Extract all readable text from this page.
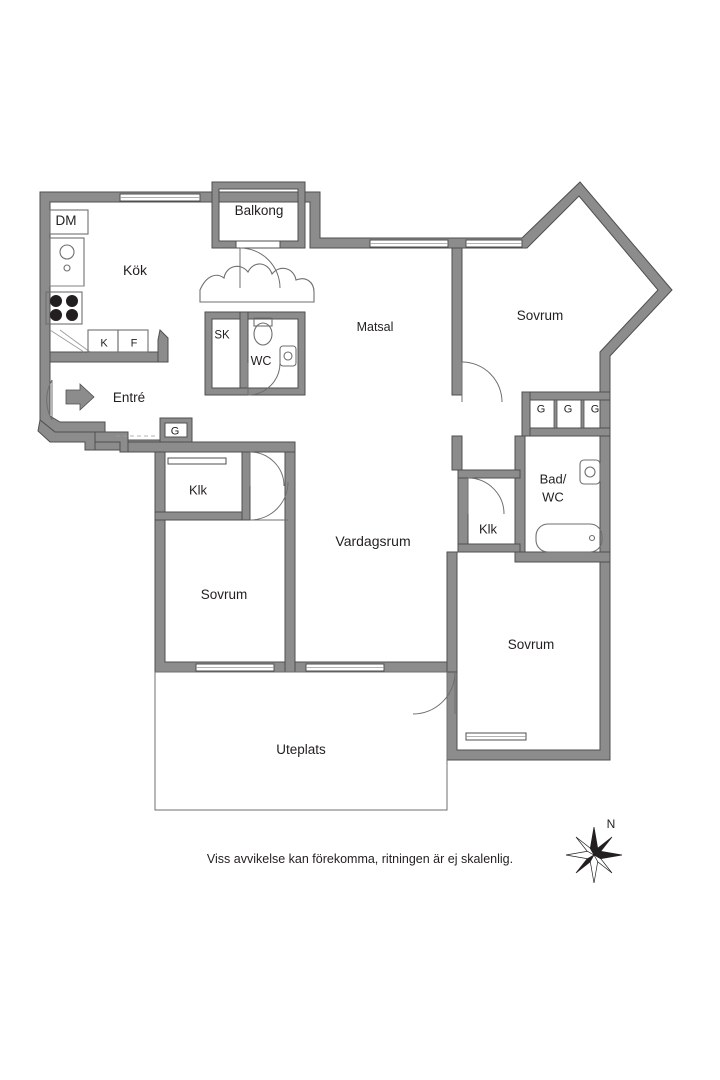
N
DM
Kök
K F
Balkong
SK
WC
Matsal
Sovrum
Entré
G
G G G
Bad/
WC
Klk
Klk
Vardagsrum
Sovrum
Sovrum
Uteplats
Viss avvikelse kan förekomma, ritningen är ej skalenlig.
